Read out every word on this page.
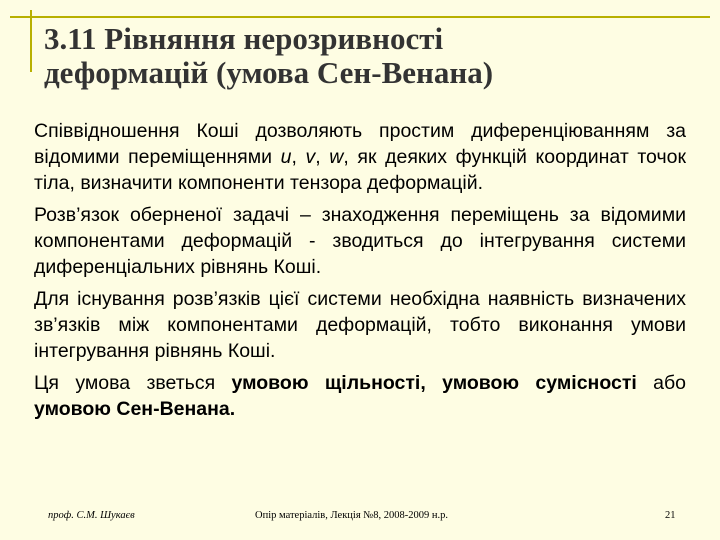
3.11 Рівняння нерозривності
деформацій (умова Сен-Венана)

Співвідношення Коші дозволяють простим диференціюванням за відомими переміщеннями u, v, w, як деяких функцій координат точок тіла, визначити компоненти тензора деформацій.

Розв’язок оберненої задачі – знаходження переміщень за відомими компонентами деформацій - зводиться до інтегрування системи диференціальних рівнянь Коші.

Для існування розв’язків цієї системи необхідна наявність визначених зв’язків між компонентами деформацій, тобто виконання умови інтегрування рівнянь Коші.

Ця умова зветься умовою щільності, умовою сумісності або умовою Сен-Венана.

проф. С.М. Шукаєв	Опір матеріалів, Лекція №8, 2008-2009 н.р.	21
